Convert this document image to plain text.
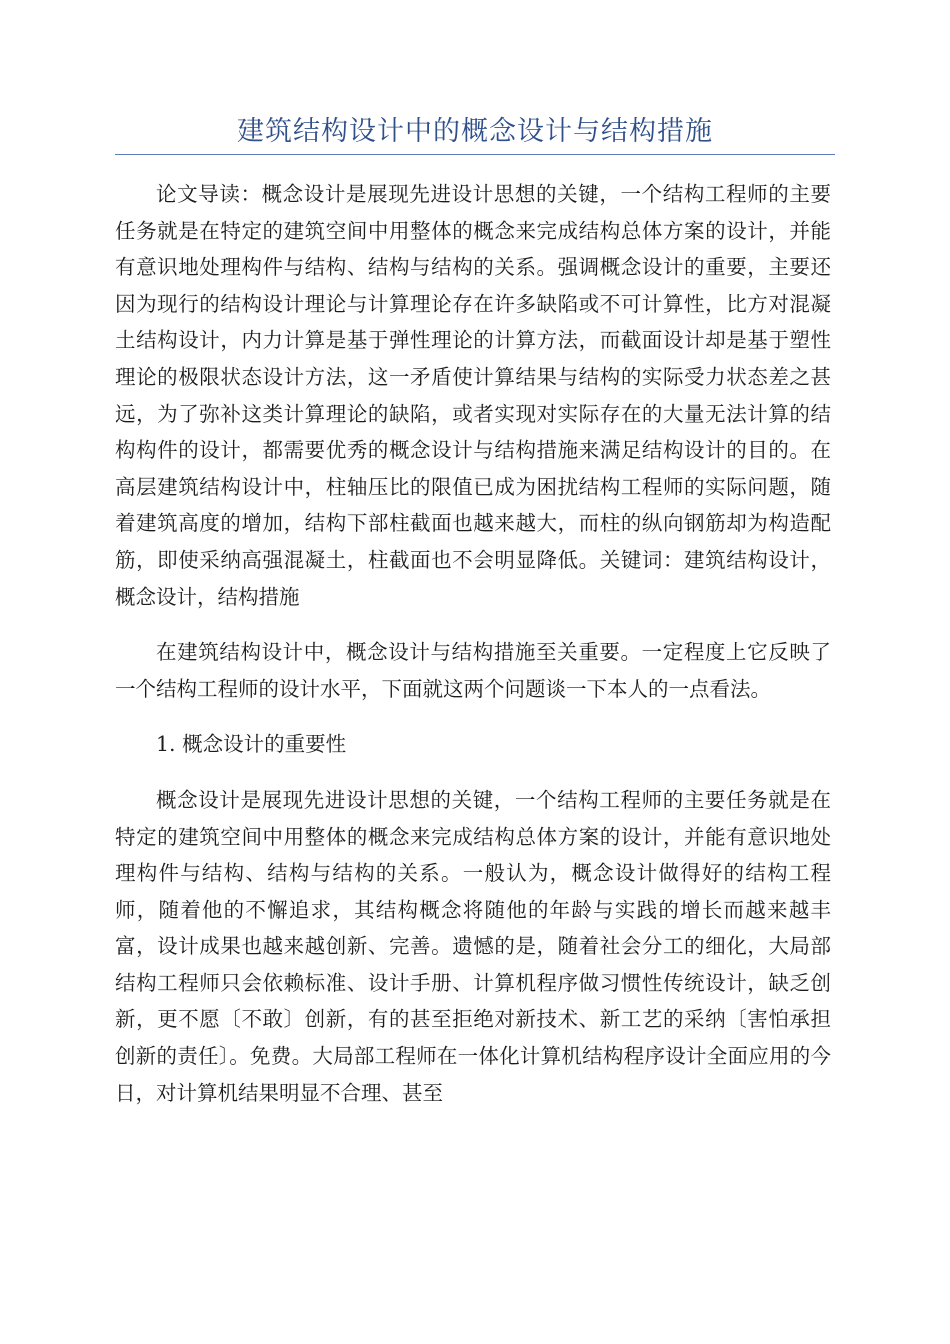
建筑结构设计中的概念设计与结构措施

论文导读：概念设计是展现先进设计思想的关键，一个结构工程师的主要任务就是在特定的建筑空间中用整体的概念来完成结构总体方案的设计，并能有意识地处理构件与结构、结构与结构的关系。强调概念设计的重要，主要还因为现行的结构设计理论与计算理论存在许多缺陷或不可计算性，比方对混凝土结构设计，内力计算是基于弹性理论的计算方法，而截面设计却是基于塑性理论的极限状态设计方法，这一矛盾使计算结果与结构的实际受力状态差之甚远，为了弥补这类计算理论的缺陷，或者实现对实际存在的大量无法计算的结构构件的设计，都需要优秀的概念设计与结构措施来满足结构设计的目的。在高层建筑结构设计中，柱轴压比的限值已成为困扰结构工程师的实际问题，随着建筑高度的增加，结构下部柱截面也越来越大，而柱的纵向钢筋却为构造配筋，即使采纳高强混凝土，柱截面也不会明显降低。关键词：建筑结构设计，概念设计，结构措施

在建筑结构设计中，概念设计与结构措施至关重要。一定程度上它反映了一个结构工程师的设计水平，下面就这两个问题谈一下本人的一点看法。

1. 概念设计的重要性

概念设计是展现先进设计思想的关键，一个结构工程师的主要任务就是在特定的建筑空间中用整体的概念来完成结构总体方案的设计，并能有意识地处理构件与结构、结构与结构的关系。一般认为，概念设计做得好的结构工程师，随着他的不懈追求，其结构概念将随他的年龄与实践的增长而越来越丰富，设计成果也越来越创新、完善。遗憾的是，随着社会分工的细化，大局部结构工程师只会依赖标准、设计手册、计算机程序做习惯性传统设计，缺乏创新，更不愿〔不敢〕创新，有的甚至拒绝对新技术、新工艺的采纳〔害怕承担创新的责任〕。免费。大局部工程师在一体化计算机结构程序设计全面应用的今日，对计算机结果明显不合理、甚至
